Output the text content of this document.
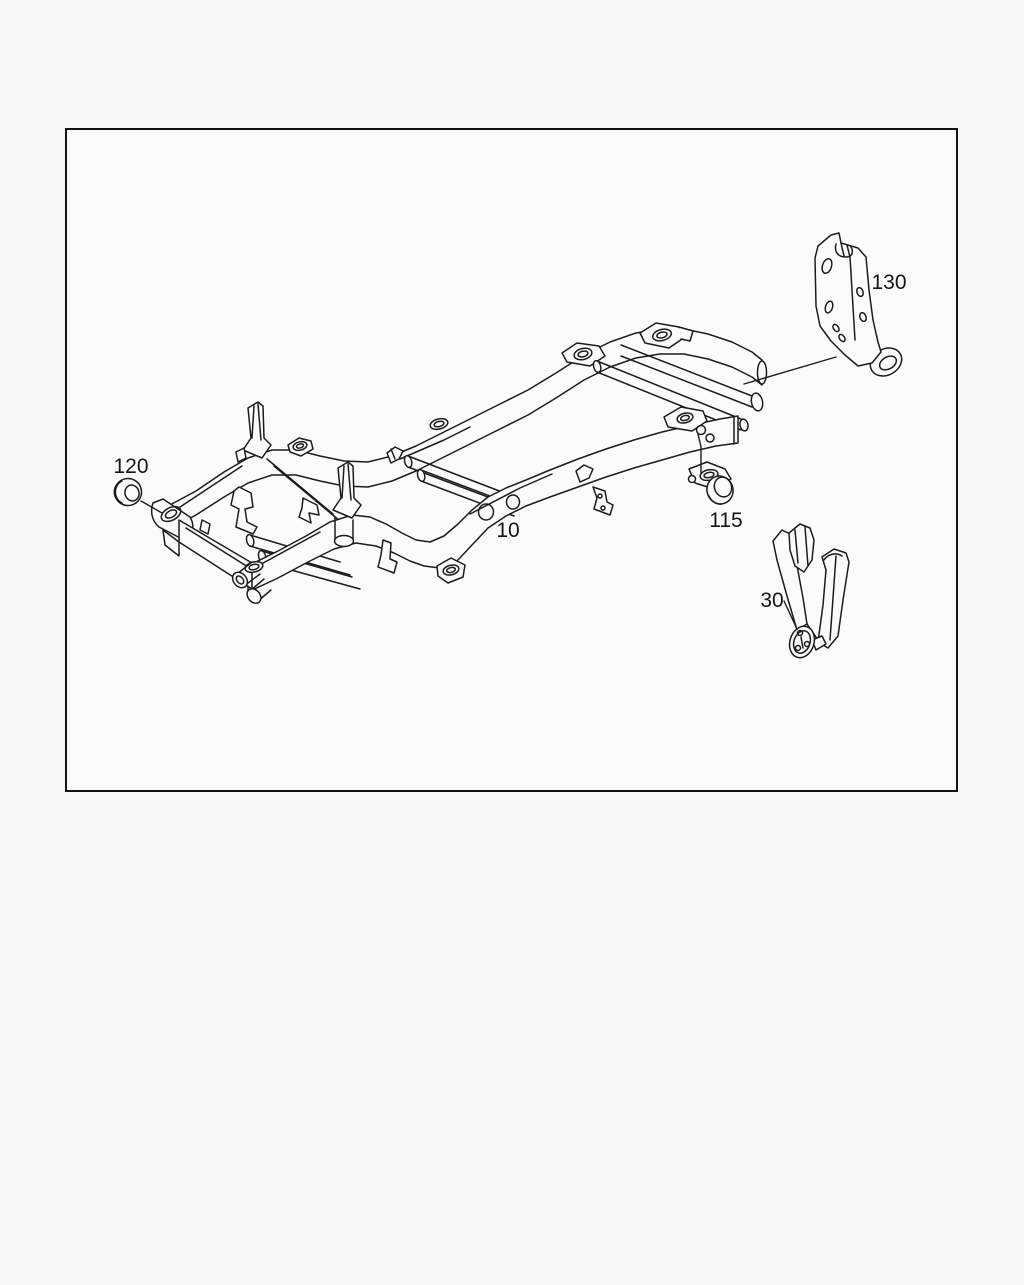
120
10	115
30
130
